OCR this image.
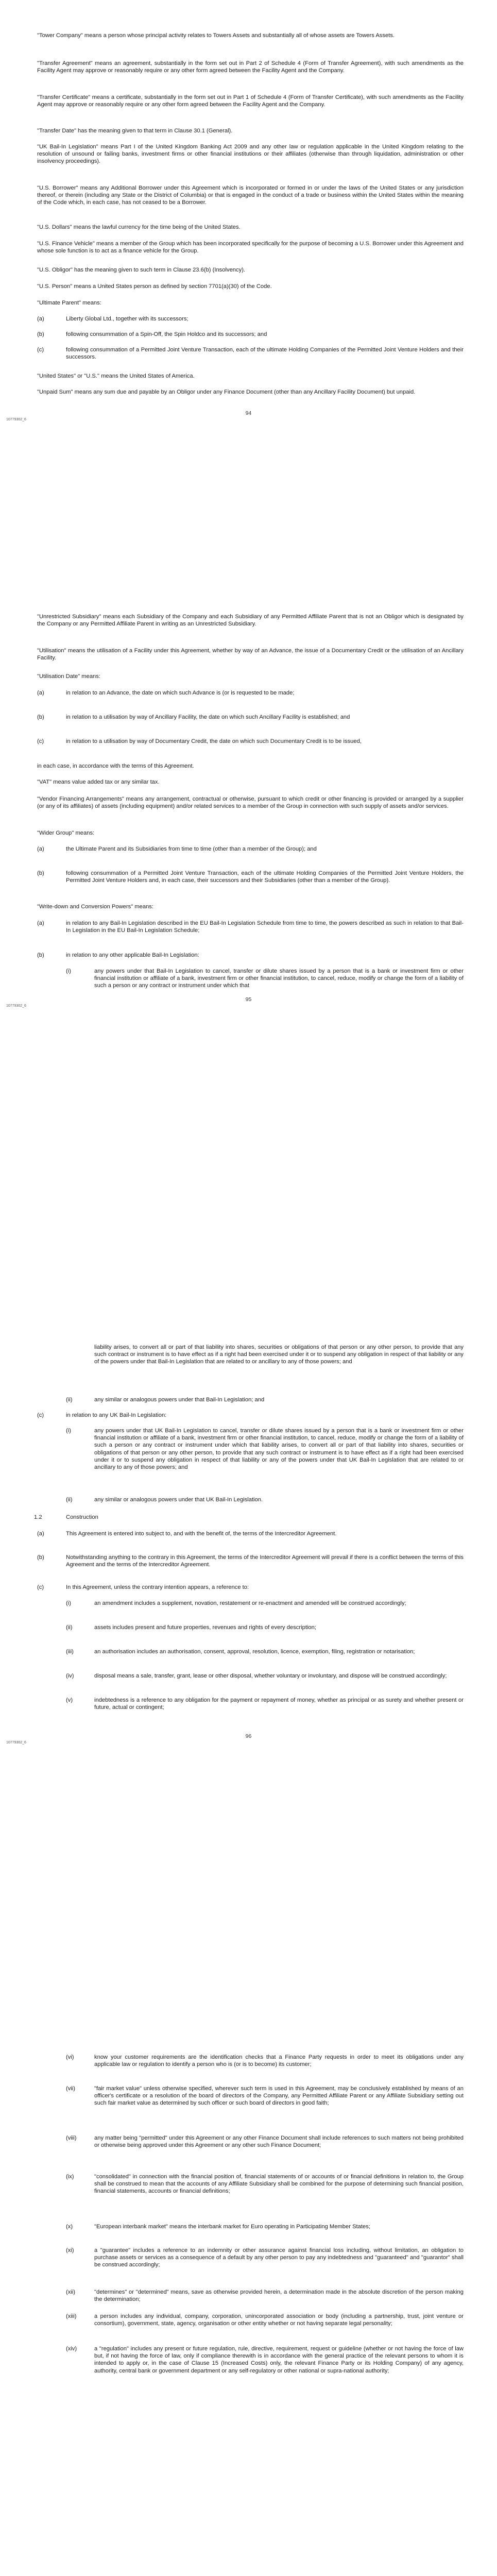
"Tower Company" means a person whose principal activity relates to Towers Assets and substantially all of whose assets are Towers Assets.

"Transfer Agreement" means an agreement, substantially in the form set out in Part 2 of Schedule 4 (Form of Transfer Agreement), with such amendments as the Facility Agent may approve or reasonably require or any other form agreed between the Facility Agent and the Company.

"Transfer Certificate" means a certificate, substantially in the form set out in Part 1 of Schedule 4 (Form of Transfer Certificate), with such amendments as the Facility Agent may approve or reasonably require or any other form agreed between the Facility Agent and the Company.

"Transfer Date" has the meaning given to that term in Clause 30.1 (General).

"UK Bail-In Legislation" means Part I of the United Kingdom Banking Act 2009 and any other law or regulation applicable in the United Kingdom relating to the resolution of unsound or failing banks, investment firms or other financial institutions or their affiliates (otherwise than through liquidation, administration or other insolvency proceedings).

"U.S. Borrower" means any Additional Borrower under this Agreement which is incorporated or formed in or under the laws of the United States or any jurisdiction thereof, or therein (including any State or the District of Columbia) or that is engaged in the conduct of a trade or business within the United States within the meaning of the Code which, in each case, has not ceased to be a Borrower.

"U.S. Dollars" means the lawful currency for the time being of the United States.

"U.S. Finance Vehicle" means a member of the Group which has been incorporated specifically for the purpose of becoming a U.S. Borrower under this Agreement and whose sole function is to act as a finance vehicle for the Group.

"U.S. Obligor" has the meaning given to such term in Clause 23.6(b) (Insolvency).

"U.S. Person" means a United States person as defined by section 7701(a)(30) of the Code.

"Ultimate Parent" means:

(a)	Liberty Global Ltd., together with its successors;

(b)	following consummation of a Spin-Off, the Spin Holdco and its successors; and

(c)	following consummation of a Permitted Joint Venture Transaction, each of the ultimate Holding Companies of the Permitted Joint Venture Holders and their successors.

"United States" or "U.S." means the United States of America.

"Unpaid Sum" means any sum due and payable by an Obligor under any Finance Document (other than any Ancillary Facility Document) but unpaid.

94
10779302_6

"Unrestricted Subsidiary" means each Subsidiary of the Company and each Subsidiary of any Permitted Affiliate Parent that is not an Obligor which is designated by the Company or any Permitted Affiliate Parent in writing as an Unrestricted Subsidiary.

"Utilisation" means the utilisation of a Facility under this Agreement, whether by way of an Advance, the issue of a Documentary Credit or the utilisation of an Ancillary Facility.

"Utilisation Date" means:

(a)	in relation to an Advance, the date on which such Advance is (or is requested to be made;

(b)	in relation to a utilisation by way of Ancillary Facility, the date on which such Ancillary Facility is established; and

(c)	in relation to a utilisation by way of Documentary Credit, the date on which such Documentary Credit is to be issued,

in each case, in accordance with the terms of this Agreement.

"VAT" means value added tax or any similar tax.

"Vendor Financing Arrangements" means any arrangement, contractual or otherwise, pursuant to which credit or other financing is provided or arranged by a supplier (or any of its affiliates) of assets (including equipment) and/or related services to a member of the Group in connection with such supply of assets and/or services.

"Wider Group" means:

(a)	the Ultimate Parent and its Subsidiaries from time to time (other than a member of the Group); and

(b)	following consummation of a Permitted Joint Venture Transaction, each of the ultimate Holding Companies of the Permitted Joint Venture Holders, the Permitted Joint Venture Holders and, in each case, their successors and their Subsidiaries (other than a member of the Group).

"Write-down and Conversion Powers" means:

(a)	in relation to any Bail-In Legislation described in the EU Bail-In Legislation Schedule from time to time, the powers described as such in relation to that Bail-In Legislation in the EU Bail-In Legislation Schedule;

(b)	in relation to any other applicable Bail-In Legislation:

(i)	any powers under that Bail-In Legislation to cancel, transfer or dilute shares issued by a person that is a bank or investment firm or other financial institution or affiliate of a bank, investment firm or other financial institution, to cancel, reduce, modify or change the form of a liability of such a person or any contract or instrument under which that

95
10779302_6

liability arises, to convert all or part of that liability into shares, securities or obligations of that person or any other person, to provide that any such contract or instrument is to have effect as if a right had been exercised under it or to suspend any obligation in respect of that liability or any of the powers under that Bail-In Legislation that are related to or ancillary to any of those powers; and

(ii)	any similar or analogous powers under that Bail-In Legislation; and

(c)	in relation to any UK Bail-In Legislation:

(i)	any powers under that UK Bail-In Legislation to cancel, transfer or dilute shares issued by a person that is a bank or investment firm or other financial institution or affiliate of a bank, investment firm or other financial institution, to cancel, reduce, modify or change the form of a liability of such a person or any contract or instrument under which that liability arises, to convert all or part of that liability into shares, securities or obligations of that person or any other person, to provide that any such contract or instrument is to have effect as if a right had been exercised under it or to suspend any obligation in respect of that liability or any of the powers under that UK Bail-In Legislation that are related to or ancillary to any of those powers; and

(ii)	any similar or analogous powers under that UK Bail-In Legislation.

1.2	Construction

(a)	This Agreement is entered into subject to, and with the benefit of, the terms of the Intercreditor Agreement.

(b)	Notwithstanding anything to the contrary in this Agreement, the terms of the Intercreditor Agreement will prevail if there is a conflict between the terms of this Agreement and the terms of the Intercreditor Agreement.

(c)	In this Agreement, unless the contrary intention appears, a reference to:

(i)	an amendment includes a supplement, novation, restatement or re-enactment and amended will be construed accordingly;

(ii)	assets includes present and future properties, revenues and rights of every description;

(iii)	an authorisation includes an authorisation, consent, approval, resolution, licence, exemption, filing, registration or notarisation;

(iv)	disposal means a sale, transfer, grant, lease or other disposal, whether voluntary or involuntary, and dispose will be construed accordingly;

(v)	indebtedness is a reference to any obligation for the payment or repayment of money, whether as principal or as surety and whether present or future, actual or contingent;

96
10779302_6
(vi)	know your customer requirements are the identification checks that a Finance Party requests in order to meet its obligations under any applicable law or regulation to identify a person who is (or is to become) its customer;

(vii)	"fair market value" unless otherwise specified, wherever such term is used in this Agreement, may be conclusively established by means of an officer's certificate or a resolution of the board of directors of the Company, any Permitted Affiliate Parent or any Affiliate Subsidiary setting out such fair market value as determined by such officer or such board of directors in good faith;

(viii)	any matter being "permitted" under this Agreement or any other Finance Document shall include references to such matters not being prohibited or otherwise being approved under this Agreement or any other such Finance Document;

(ix)	"consolidated" in connection with the financial position of, financial statements of or accounts of or financial definitions in relation to, the Group shall be construed to mean that the accounts of any Affiliate Subsidiary shall be combined for the purpose of determining such financial position, financial statements, accounts or financial definitions;

(x)	"European interbank market" means the interbank market for Euro operating in Participating Member States;

(xi)	a "guarantee" includes a reference to an indemnity or other assurance against financial loss including, without limitation, an obligation to purchase assets or services as a consequence of a default by any other person to pay any indebtedness and "guaranteed" and "guarantor" shall be construed accordingly;

(xii)	"determines" or "determined" means, save as otherwise provided herein, a determination made in the absolute discretion of the person making the determination;

(xiii)	a person includes any individual, company, corporation, unincorporated association or body (including a partnership, trust, joint venture or consortium), government, state, agency, organisation or other entity whether or not having separate legal personality;

(xiv)	a "regulation" includes any present or future regulation, rule, directive, requirement, request or guideline (whether or not having the force of law but, if not having the force of law, only if compliance therewith is in accordance with the general practice of the relevant persons to whom it is intended to apply or, in the case of Clause 15 (Increased Costs) only, the relevant Finance Party or its Holding Company) of any agency, authority, central bank or government department or any self-regulatory or other national or supra-national authority;
